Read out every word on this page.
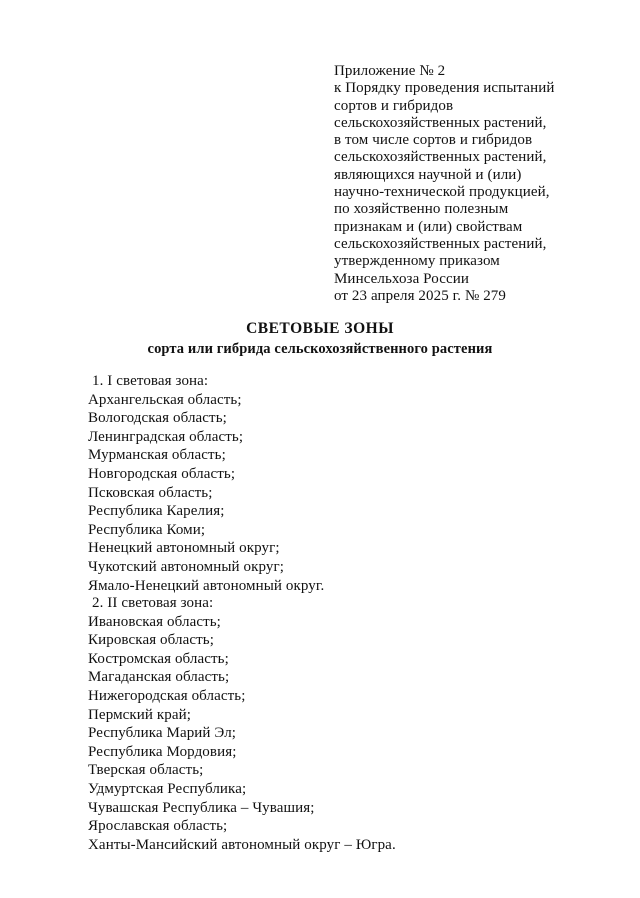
Приложение № 2
к Порядку проведения испытаний
сортов и гибридов
сельскохозяйственных растений,
в том числе сортов и гибридов
сельскохозяйственных растений,
являющихся научной и (или)
научно-технической продукцией,
по хозяйственно полезным
признакам и (или) свойствам
сельскохозяйственных растений,
утвержденному приказом
Минсельхоза России
от 23 апреля 2025 г. № 279
СВЕТОВЫЕ ЗОНЫ
сорта или гибрида сельскохозяйственного растения
1. I световая зона:
Архангельская область;
Вологодская область;
Ленинградская область;
Мурманская область;
Новгородская область;
Псковская область;
Республика Карелия;
Республика Коми;
Ненецкий автономный округ;
Чукотский автономный округ;
Ямало-Ненецкий автономный округ.
2. II световая зона:
Ивановская область;
Кировская область;
Костромская область;
Магаданская область;
Нижегородская область;
Пермский край;
Республика Марий Эл;
Республика Мордовия;
Тверская область;
Удмуртская Республика;
Чувашская Республика – Чувашия;
Ярославская область;
Ханты-Мансийский автономный округ – Югра.
